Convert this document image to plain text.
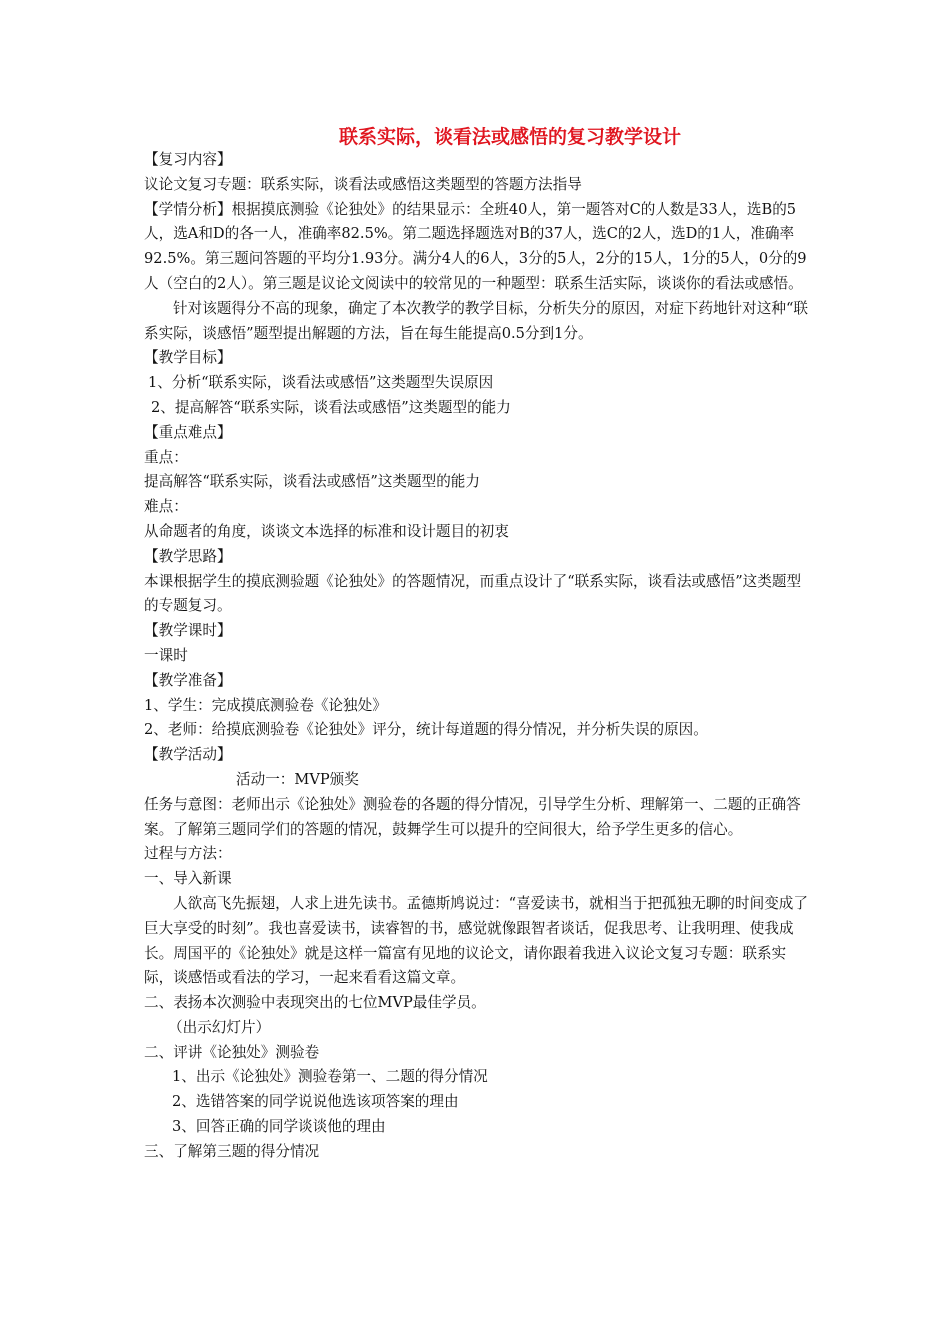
联系实际，谈看法或感悟的复习教学设计

【复习内容】

议论文复习专题：联系实际，谈看法或感悟这类题型的答题方法指导

【学情分析】根据摸底测验《论独处》的结果显示：全班40人，第一题答对C的人数是33人，选B的5人，选A和D的各一人，准确率82.5%。第二题选择题选对B的37人，选C的2人，选D的1人，准确率92.5%。第三题问答题的平均分1.93分。满分4人的6人，3分的5人，2分的15人，1分的5人，0分的9人（空白的2人）。第三题是议论文阅读中的较常见的一种题型：联系生活实际，谈谈你的看法或感悟。

针对该题得分不高的现象，确定了本次教学的教学目标，分析失分的原因，对症下药地针对这种“联系实际，谈感悟”题型提出解题的方法，旨在每生能提高0.5分到1分。

【教学目标】

1、分析“联系实际，谈看法或感悟”这类题型失误原因

2、提高解答“联系实际，谈看法或感悟”这类题型的能力

【重点难点】

重点：

提高解答“联系实际，谈看法或感悟”这类题型的能力

难点：

从命题者的角度，谈谈文本选择的标准和设计题目的初衷

【教学思路】

本课根据学生的摸底测验题《论独处》的答题情况，而重点设计了“联系实际，谈看法或感悟”这类题型的专题复习。

【教学课时】

一课时

【教学准备】

1、学生：完成摸底测验卷《论独处》

2、老师：给摸底测验卷《论独处》评分，统计每道题的得分情况，并分析失误的原因。

【教学活动】

活动一：MVP颁奖

任务与意图：老师出示《论独处》测验卷的各题的得分情况，引导学生分析、理解第一、二题的正确答案。了解第三题同学们的答题的情况，鼓舞学生可以提升的空间很大，给予学生更多的信心。

过程与方法：

一、导入新课

人欲高飞先振翅，人求上进先读书。孟德斯鸠说过：“喜爱读书，就相当于把孤独无聊的时间变成了巨大享受的时刻”。我也喜爱读书，读睿智的书，感觉就像跟智者谈话，促我思考、让我明理、使我成长。周国平的《论独处》就是这样一篇富有见地的议论文，请你跟着我进入议论文复习专题：联系实际，谈感悟或看法的学习，一起来看看这篇文章。

二、表扬本次测验中表现突出的七位MVP最佳学员。

（出示幻灯片）

二、评讲《论独处》测验卷

1、出示《论独处》测验卷第一、二题的得分情况

2、选错答案的同学说说他选该项答案的理由

3、回答正确的同学谈谈他的理由

三、了解第三题的得分情况
